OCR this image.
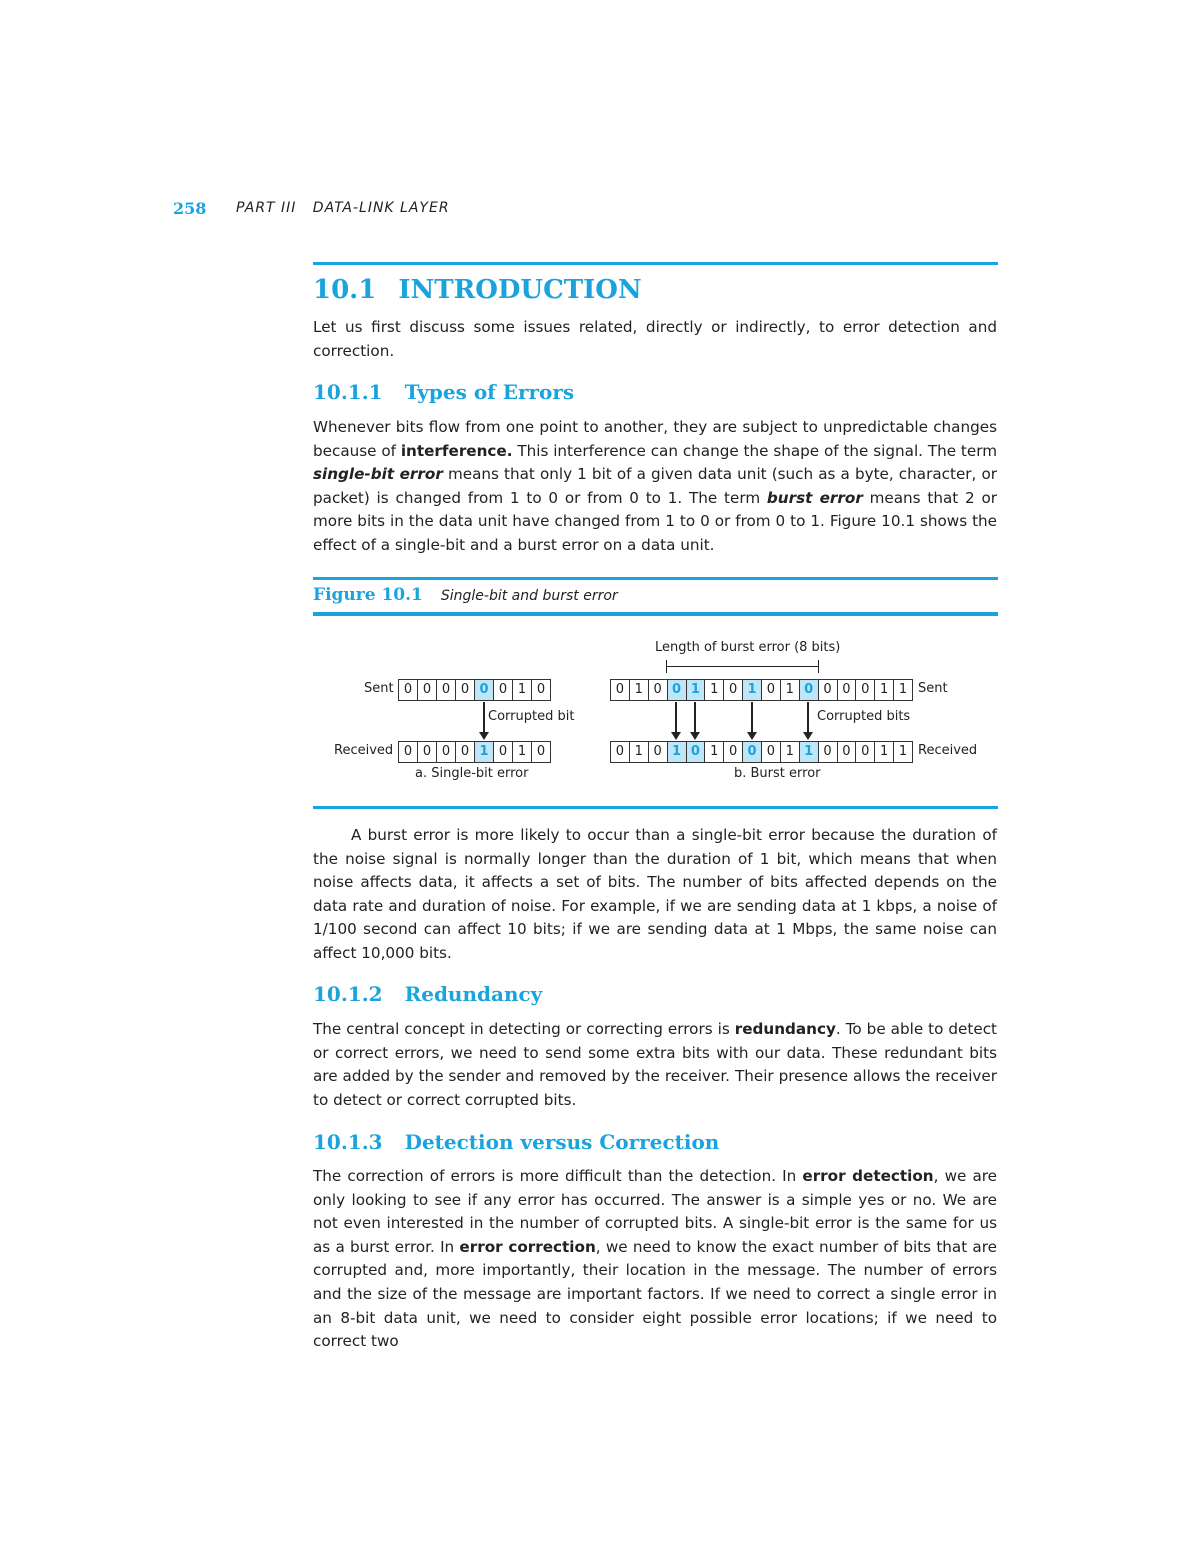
258 PART III   DATA-LINK LAYER
10.1 INTRODUCTION
Let us first discuss some issues related, directly or indirectly, to error detection and correction.
10.1.1 Types of Errors
Whenever bits flow from one point to another, they are subject to unpredictable changes because of interference. This interference can change the shape of the signal. The term single-bit error means that only 1 bit of a given data unit (such as a byte, character, or packet) is changed from 1 to 0 or from 0 to 1. The term burst error means that 2 or more bits in the data unit have changed from 1 to 0 or from 0 to 1. Figure 10.1 shows the effect of a single-bit and a burst error on a data unit.
Figure 10.1 Single-bit and burst error
Length of burst error (8 bits)
Sent
Received
Corrupted bit
a. Single-bit error
Sent
Received
Corrupted bits
b. Burst error
0 0 0 0 0 0 1 0
0 0 0 0 1 0 1 0
0 1 0 0 1 1 0 1 0 1 0 0 0 0 1 1
0 1 0 1 0 1 0 0 0 1 1 0 0 0 1 1
A burst error is more likely to occur than a single-bit error because the duration of the noise signal is normally longer than the duration of 1 bit, which means that when noise affects data, it affects a set of bits. The number of bits affected depends on the data rate and duration of noise. For example, if we are sending data at 1 kbps, a noise of 1/100 second can affect 10 bits; if we are sending data at 1 Mbps, the same noise can affect 10,000 bits.
10.1.2 Redundancy
The central concept in detecting or correcting errors is redundancy. To be able to detect or correct errors, we need to send some extra bits with our data. These redundant bits are added by the sender and removed by the receiver. Their presence allows the receiver to detect or correct corrupted bits.
10.1.3 Detection versus Correction
The correction of errors is more difficult than the detection. In error detection, we are only looking to see if any error has occurred. The answer is a simple yes or no. We are not even interested in the number of corrupted bits. A single-bit error is the same for us as a burst error. In error correction, we need to know the exact number of bits that are corrupted and, more importantly, their location in the message. The number of errors and the size of the message are important factors. If we need to correct a single error in an 8-bit data unit, we need to consider eight possible error locations; if we need to correct two
